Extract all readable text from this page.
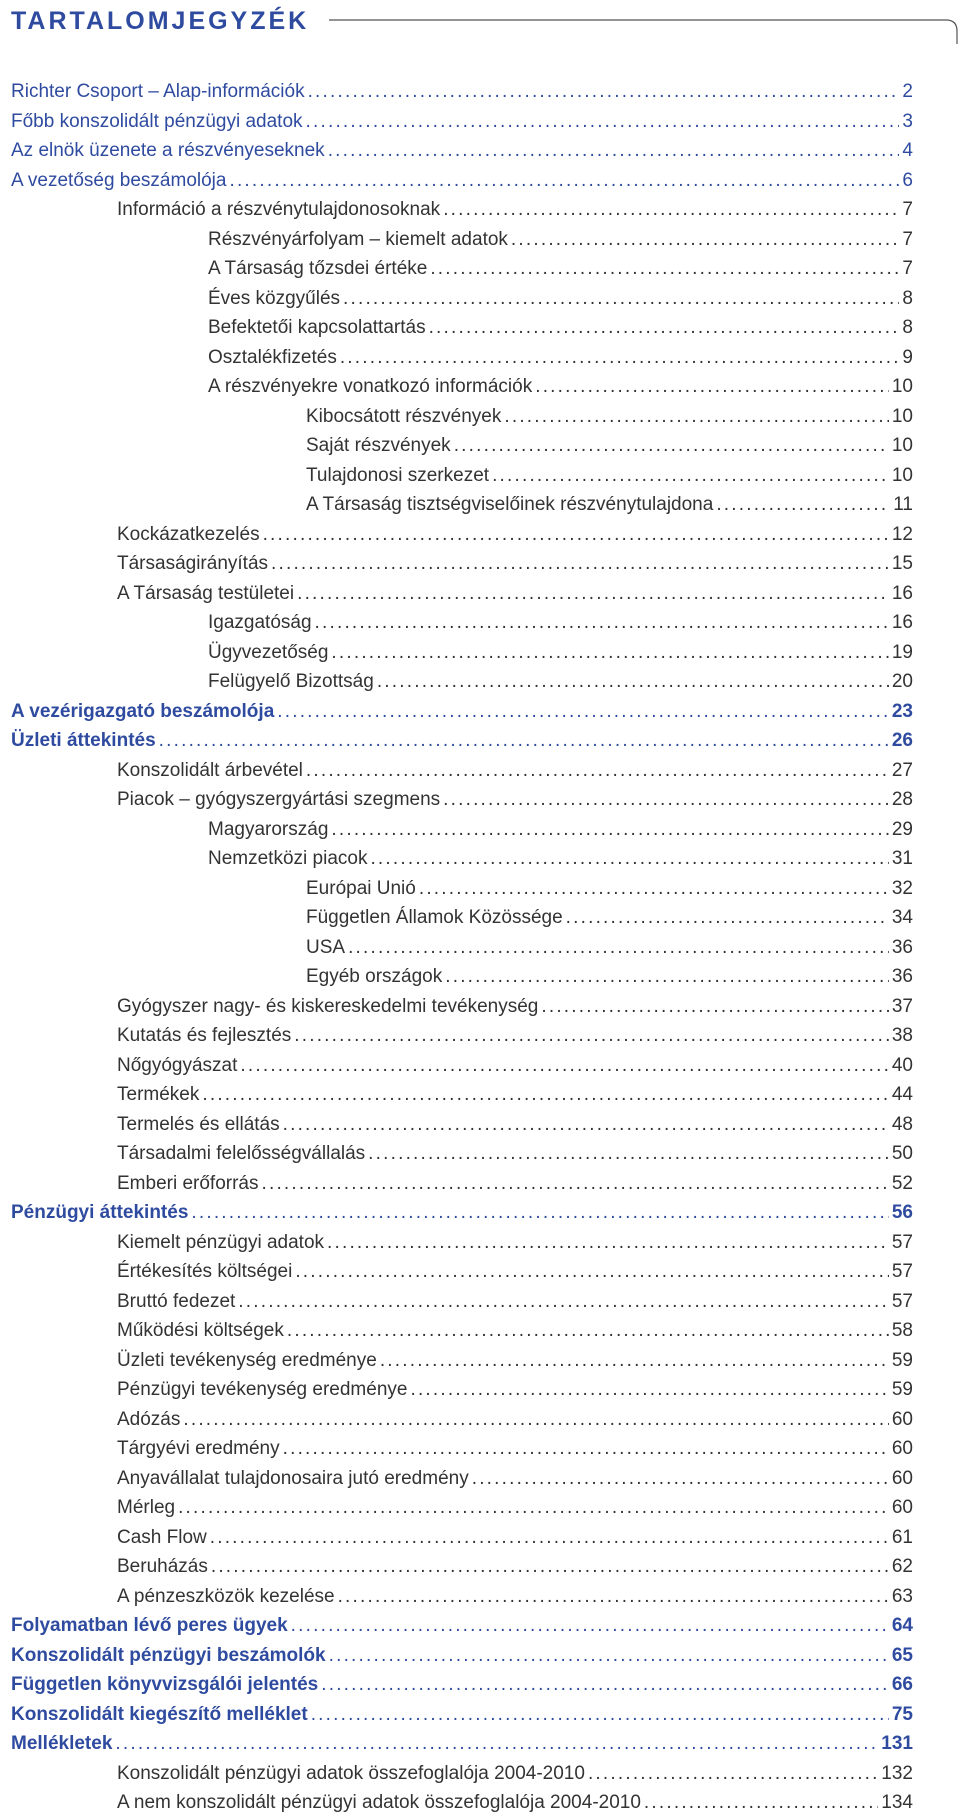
TARTALOMJEGYZÉK
Richter Csoport – Alap-információk .....	2
Főbb konszolidált pénzügyi adatok .....	3
Az elnök üzenete a részvényeseknek .....	4
A vezetőség beszámolója .....	6
Információ a részvénytulajdonosoknak .....	7
Részvényárfolyam – kiemelt adatok .....	7
A Társaság tőzsdei értéke .....	7
Éves közgyűlés .....	8
Befektetői kapcsolattartás .....	8
Osztalékfizetés .....	9
A részvényekre vonatkozó információk .....	10
Kibocsátott részvények .....	10
Saját részvények .....	10
Tulajdonosi szerkezet .....	10
A Társaság tisztségviselőinek részvénytulajdona .....	11
Kockázatkezelés .....	12
Társaságirányítás .....	15
A Társaság testületei .....	16
Igazgatóság .....	16
Ügyvezetőség .....	19
Felügyelő Bizottság .....	20
A vezérigazgató beszámolója .....	23
Üzleti áttekintés .....	26
Konszolidált árbevétel .....	27
Piacok – gyógyszergyártási szegmens .....	28
Magyarország .....	29
Nemzetközi piacok .....	31
Európai Unió .....	32
Független Államok Közössége .....	34
USA .....	36
Egyéb országok .....	36
Gyógyszer nagy- és kiskereskedelmi tevékenység .....	37
Kutatás és fejlesztés .....	38
Nőgyógyászat .....	40
Termékek .....	44
Termelés és ellátás .....	48
Társadalmi felelősségvállalás .....	50
Emberi erőforrás .....	52
Pénzügyi áttekintés .....	56
Kiemelt pénzügyi adatok .....	57
Értékesítés költségei .....	57
Bruttó fedezet .....	57
Működési költségek .....	58
Üzleti tevékenység eredménye .....	59
Pénzügyi tevékenység eredménye .....	59
Adózás .....	60
Tárgyévi eredmény .....	60
Anyavállalat tulajdonosaira jutó eredmény .....	60
Mérleg .....	60
Cash Flow .....	61
Beruházás .....	62
A pénzeszközök kezelése .....	63
Folyamatban lévő peres ügyek .....	64
Konszolidált pénzügyi beszámolók .....	65
Független könyvvizsgálói jelentés .....	66
Konszolidált kiegészítő melléklet .....	75
Mellékletek .....	131
Konszolidált pénzügyi adatok összefoglalója 2004-2010 .....	132
A nem konszolidált pénzügyi adatok összefoglalója 2004-2010 .....	134
